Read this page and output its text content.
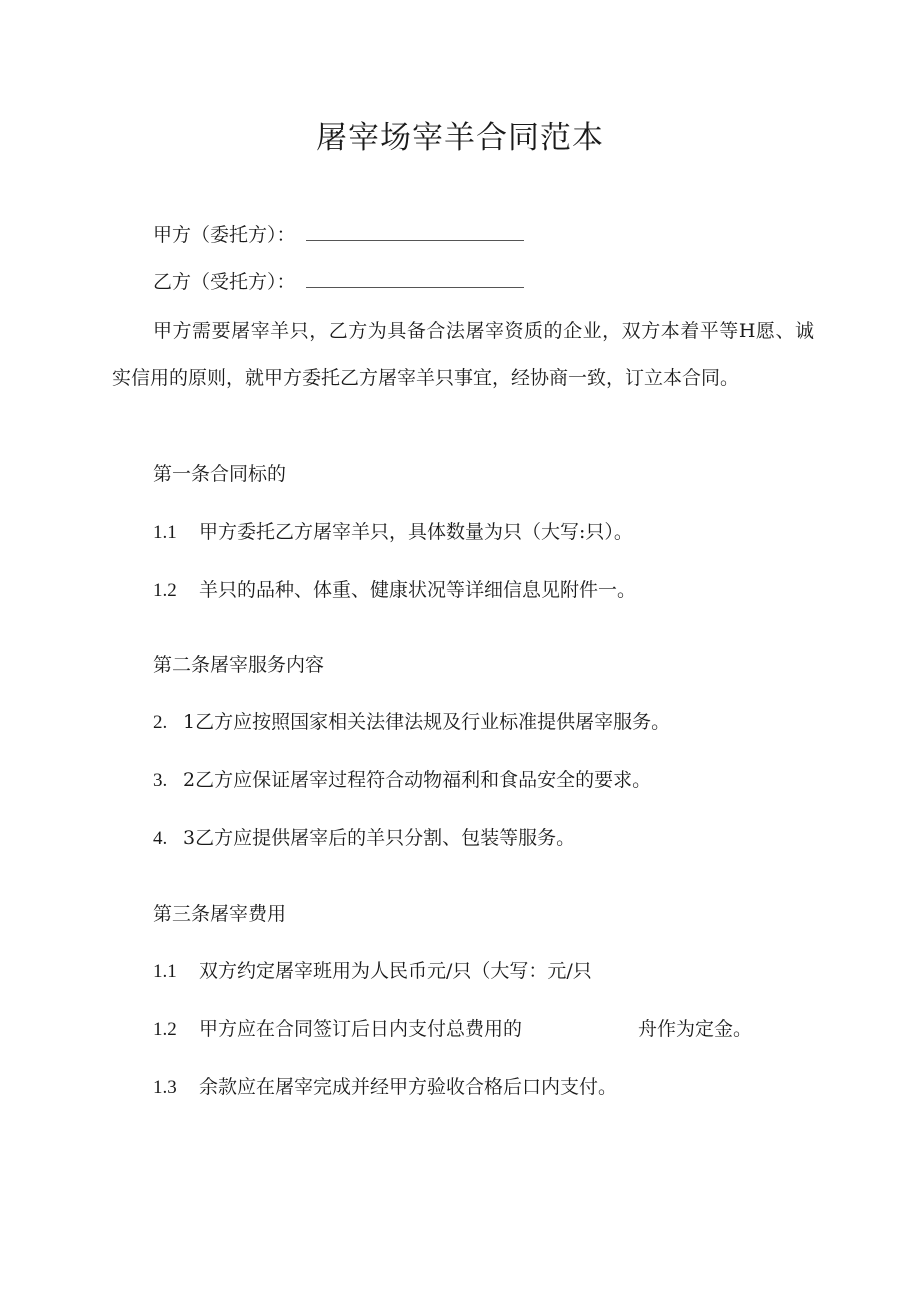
屠宰场宰羊合同范本
甲方（委托方）：
乙方（受托方）：

甲方需要屠宰羊只，乙方为具备合法屠宰资质的企业，双方本着平等H愿、诚实信用的原则，就甲方委托乙方屠宰羊只事宜，经协商一致，订立本合同。

第一条合同标的
1.1 甲方委托乙方屠宰羊只，具体数量为只（大写:只）。
1.2 羊只的品种、体重、健康状况等详细信息见附件一。
第二条屠宰服务内容
2. 1乙方应按照国家相关法律法规及行业标准提供屠宰服务。
3. 2乙方应保证屠宰过程符合动物福利和食品安全的要求。
4. 3乙方应提供屠宰后的羊只分割、包装等服务。
第三条屠宰费用
1.1 双方约定屠宰班用为人民币元/只（大写：元/只
1.2 甲方应在合同签订后日内支付总费用的	舟作为定金。
1.3 余款应在屠宰完成并经甲方验收合格后口内支付。
